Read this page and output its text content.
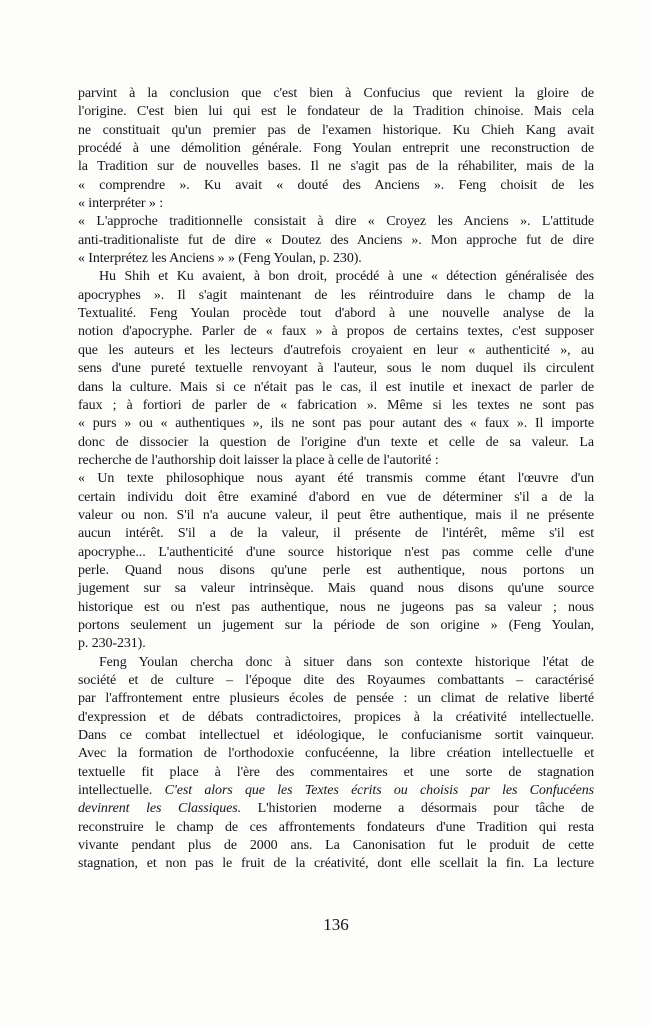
parvint à la conclusion que c'est bien à Confucius que revient la gloire de
l'origine. C'est bien lui qui est le fondateur de la Tradition chinoise. Mais cela
ne constituait qu'un premier pas de l'examen historique. Ku Chieh Kang avait
procédé à une démolition générale. Fong Youlan entreprit une reconstruction de
la Tradition sur de nouvelles bases. Il ne s'agit pas de la réhabiliter, mais de la
« comprendre ». Ku avait « douté des Anciens ». Feng choisit de les
« interpréter » :
« L'approche traditionnelle consistait à dire « Croyez les Anciens ». L'attitude
anti-traditionaliste fut de dire « Doutez des Anciens ». Mon approche fut de dire
« Interprétez les Anciens » » (Feng Youlan, p. 230).
Hu Shih et Ku avaient, à bon droit, procédé à une « détection généralisée des
apocryphes ». Il s'agit maintenant de les réintroduire dans le champ de la
Textualité. Feng Youlan procède tout d'abord à une nouvelle analyse de la
notion d'apocryphe. Parler de « faux » à propos de certains textes, c'est supposer
que les auteurs et les lecteurs d'autrefois croyaient en leur « authenticité », au
sens d'une pureté textuelle renvoyant à l'auteur, sous le nom duquel ils circulent
dans la culture. Mais si ce n'était pas le cas, il est inutile et inexact de parler de
faux ; à fortiori de parler de « fabrication ». Même si les textes ne sont pas
« purs » ou « authentiques », ils ne sont pas pour autant des « faux ». Il importe
donc de dissocier la question de l'origine d'un texte et celle de sa valeur. La
recherche de l'authorship doit laisser la place à celle de l'autorité :
« Un texte philosophique nous ayant été transmis comme étant l'œuvre d'un
certain individu doit être examiné d'abord en vue de déterminer s'il a de la
valeur ou non. S'il n'a aucune valeur, il peut être authentique, mais il ne présente
aucun intérêt. S'il a de la valeur, il présente de l'intérêt, même s'il est
apocryphe... L'authenticité d'une source historique n'est pas comme celle d'une
perle. Quand nous disons qu'une perle est authentique, nous portons un
jugement sur sa valeur intrinsèque. Mais quand nous disons qu'une source
historique est ou n'est pas authentique, nous ne jugeons pas sa valeur ; nous
portons seulement un jugement sur la période de son origine » (Feng Youlan,
p. 230-231).
Feng Youlan chercha donc à situer dans son contexte historique l'état de
société et de culture – l'époque dite des Royaumes combattants – caractérisé
par l'affrontement entre plusieurs écoles de pensée : un climat de relative liberté
d'expression et de débats contradictoires, propices à la créativité intellectuelle.
Dans ce combat intellectuel et idéologique, le confucianisme sortit vainqueur.
Avec la formation de l'orthodoxie confucéenne, la libre création intellectuelle et
textuelle fit place à l'ère des commentaires et une sorte de stagnation
intellectuelle. C'est alors que les Textes écrits ou choisis par les Confucéens
devinrent les Classiques. L'historien moderne a désormais pour tâche de
reconstruire le champ de ces affrontements fondateurs d'une Tradition qui resta
vivante pendant plus de 2000 ans. La Canonisation fut le produit de cette
stagnation, et non pas le fruit de la créativité, dont elle scellait la fin. La lecture
136
